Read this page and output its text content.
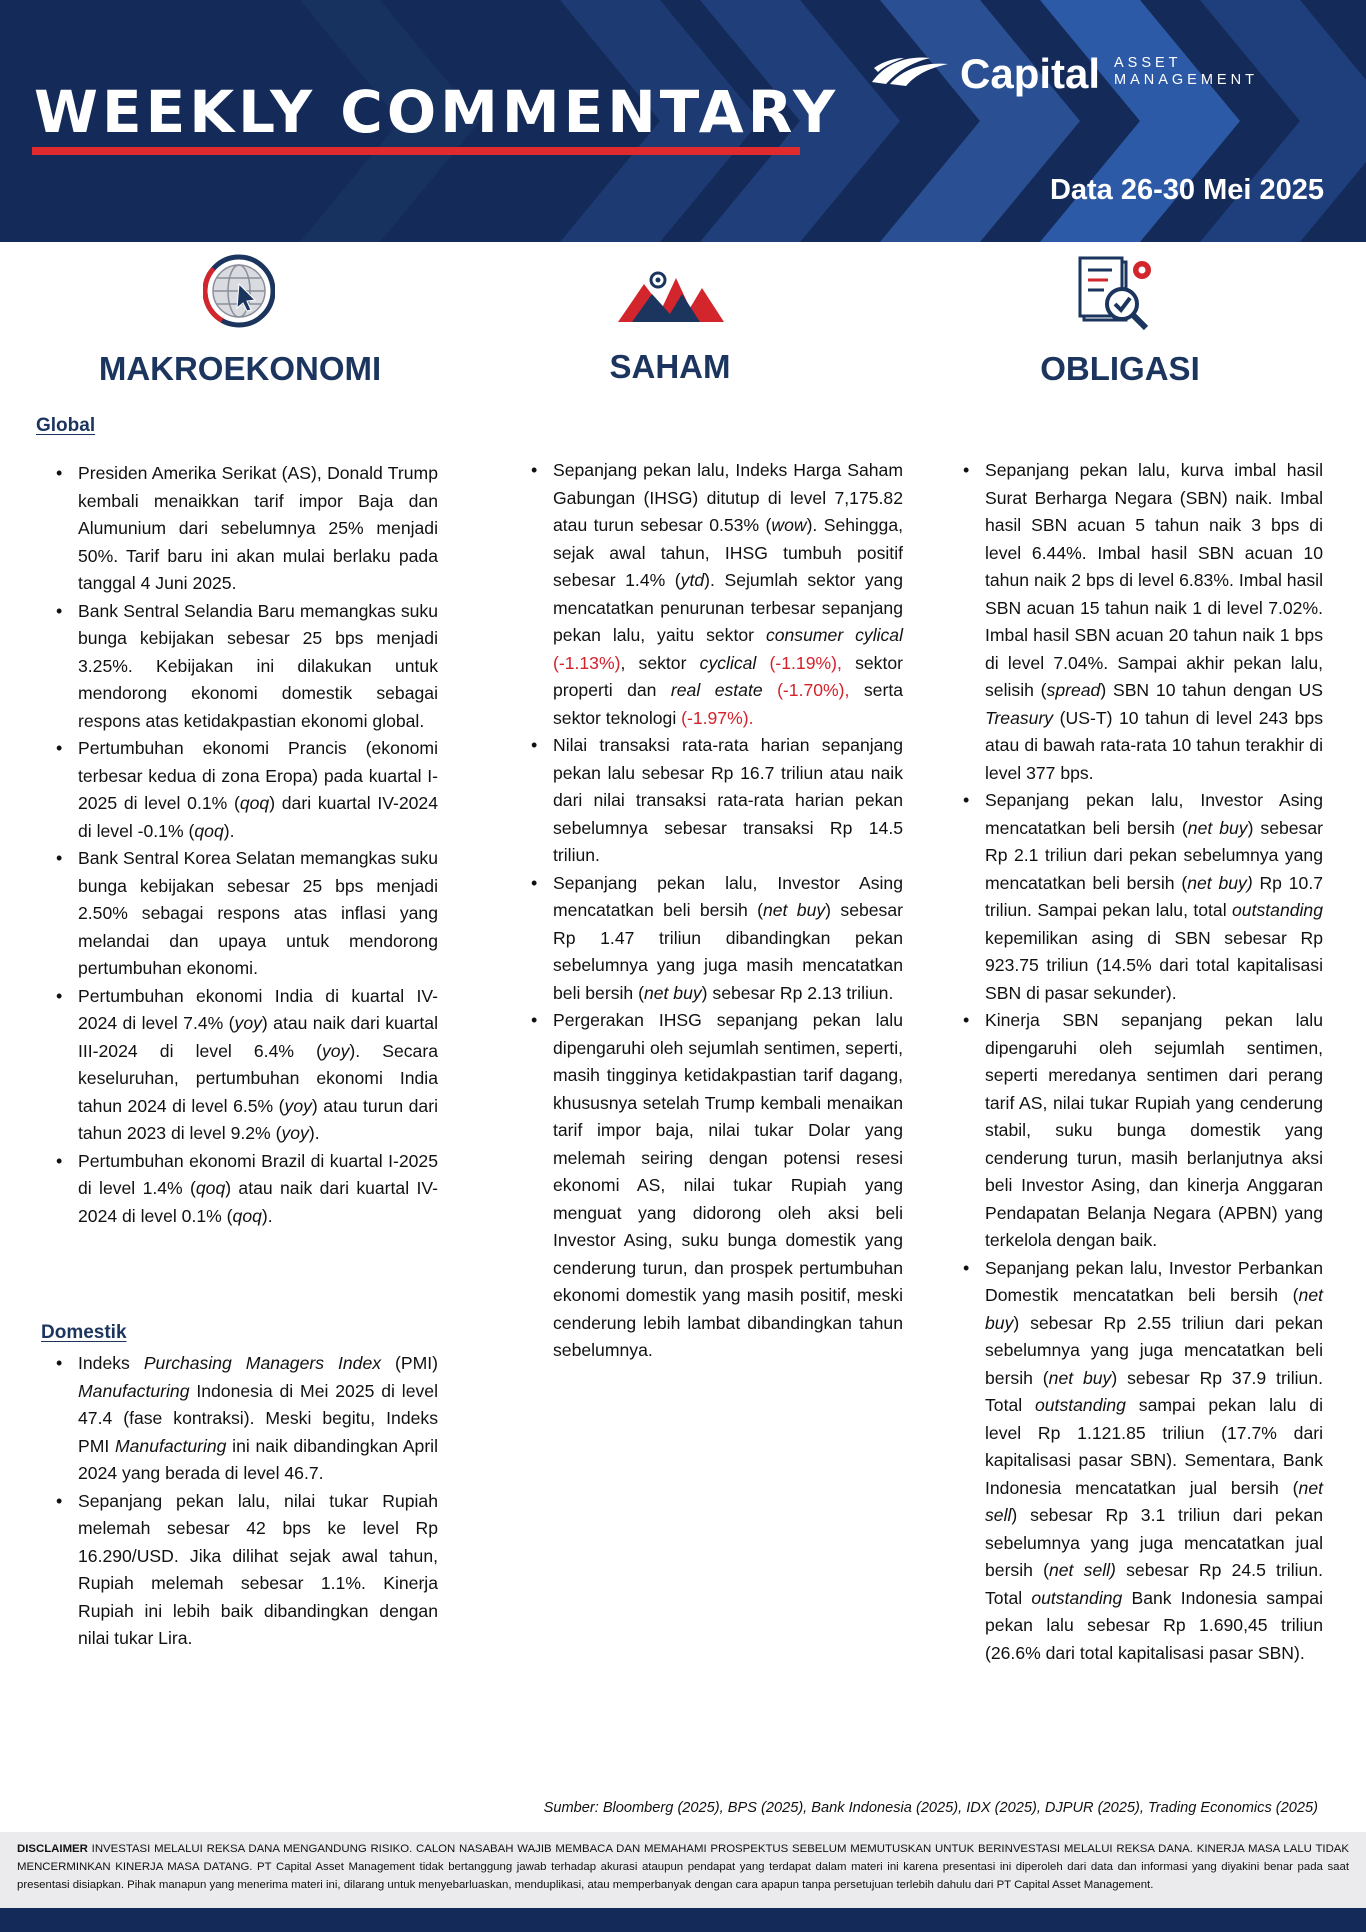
WEEKLY COMMENTARY
Capital ASSET MANAGEMENT
Data 26-30 Mei 2025
MAKROEKONOMI	SAHAM	OBLIGASI
Global
• Presiden Amerika Serikat (AS), Donald Trump kembali menaikkan tarif impor Baja dan Alumunium dari sebelumnya 25% menjadi 50%. Tarif baru ini akan mulai berlaku pada tanggal 4 Juni 2025.
• Bank Sentral Selandia Baru memangkas suku bunga kebijakan sebesar 25 bps menjadi 3.25%. Kebijakan ini dilakukan untuk mendorong ekonomi domestik sebagai respons atas ketidakpastian ekonomi global.
• Pertumbuhan ekonomi Prancis (ekonomi terbesar kedua di zona Eropa) pada kuartal I-2025 di level 0.1% (qoq) dari kuartal IV-2024 di level -0.1% (qoq).
• Bank Sentral Korea Selatan memangkas suku bunga kebijakan sebesar 25 bps menjadi 2.50% sebagai respons atas inflasi yang melandai dan upaya untuk mendorong pertumbuhan ekonomi.
• Pertumbuhan ekonomi India di kuartal IV-2024 di level 7.4% (yoy) atau naik dari kuartal III-2024 di level 6.4% (yoy). Secara keseluruhan, pertumbuhan ekonomi India tahun 2024 di level 6.5% (yoy) atau turun dari tahun 2023 di level 9.2% (yoy).
• Pertumbuhan ekonomi Brazil di kuartal I-2025 di level 1.4% (qoq) atau naik dari kuartal IV-2024 di level 0.1% (qoq).
Domestik
• Indeks Purchasing Managers Index (PMI) Manufacturing Indonesia di Mei 2025 di level 47.4 (fase kontraksi). Meski begitu, Indeks PMI Manufacturing ini naik dibandingkan April 2024 yang berada di level 46.7.
• Sepanjang pekan lalu, nilai tukar Rupiah melemah sebesar 42 bps ke level Rp 16.290/USD. Jika dilihat sejak awal tahun, Rupiah melemah sebesar 1.1%. Kinerja Rupiah ini lebih baik dibandingkan dengan nilai tukar Lira.
• Sepanjang pekan lalu, Indeks Harga Saham Gabungan (IHSG) ditutup di level 7,175.82 atau turun sebesar 0.53% (wow). Sehingga, sejak awal tahun, IHSG tumbuh positif sebesar 1.4% (ytd). Sejumlah sektor yang mencatatkan penurunan terbesar sepanjang pekan lalu, yaitu sektor consumer cylical (-1.13%), sektor cyclical (-1.19%), sektor properti dan real estate (-1.70%), serta sektor teknologi (-1.97%).
• Nilai transaksi rata-rata harian sepanjang pekan lalu sebesar Rp 16.7 triliun atau naik dari nilai transaksi rata-rata harian pekan sebelumnya sebesar transaksi Rp 14.5 triliun.
• Sepanjang pekan lalu, Investor Asing mencatatkan beli bersih (net buy) sebesar Rp 1.47 triliun dibandingkan pekan sebelumnya yang juga masih mencatatkan beli bersih (net buy) sebesar Rp 2.13 triliun.
• Pergerakan IHSG sepanjang pekan lalu dipengaruhi oleh sejumlah sentimen, seperti, masih tingginya ketidakpastian tarif dagang, khususnya setelah Trump kembali menaikan tarif impor baja, nilai tukar Dolar yang melemah seiring dengan potensi resesi ekonomi AS, nilai tukar Rupiah yang menguat yang didorong oleh aksi beli Investor Asing, suku bunga domestik yang cenderung turun, dan prospek pertumbuhan ekonomi domestik yang masih positif, meski cenderung lebih lambat dibandingkan tahun sebelumnya.
• Sepanjang pekan lalu, kurva imbal hasil Surat Berharga Negara (SBN) naik. Imbal hasil SBN acuan 5 tahun naik 3 bps di level 6.44%. Imbal hasil SBN acuan 10 tahun naik 2 bps di level 6.83%. Imbal hasil SBN acuan 15 tahun naik 1 di level 7.02%. Imbal hasil SBN acuan 20 tahun naik 1 bps di level 7.04%. Sampai akhir pekan lalu, selisih (spread) SBN 10 tahun dengan US Treasury (US-T) 10 tahun di level 243 bps atau di bawah rata-rata 10 tahun terakhir di level 377 bps.
• Sepanjang pekan lalu, Investor Asing mencatatkan beli bersih (net buy) sebesar Rp 2.1 triliun dari pekan sebelumnya yang mencatatkan beli bersih (net buy) Rp 10.7 triliun. Sampai pekan lalu, total outstanding kepemilikan asing di SBN sebesar Rp 923.75 triliun (14.5% dari total kapitalisasi SBN di pasar sekunder).
• Kinerja SBN sepanjang pekan lalu dipengaruhi oleh sejumlah sentimen, seperti meredanya sentimen dari perang tarif AS, nilai tukar Rupiah yang cenderung stabil, suku bunga domestik yang cenderung turun, masih berlanjutnya aksi beli Investor Asing, dan kinerja Anggaran Pendapatan Belanja Negara (APBN) yang terkelola dengan baik.
• Sepanjang pekan lalu, Investor Perbankan Domestik mencatatkan beli bersih (net buy) sebesar Rp 2.55 triliun dari pekan sebelumnya yang juga mencatatkan beli bersih (net buy) sebesar Rp 37.9 triliun. Total outstanding sampai pekan lalu di level Rp 1.121.85 triliun (17.7% dari kapitalisasi pasar SBN). Sementara, Bank Indonesia mencatatkan jual bersih (net sell) sebesar Rp 3.1 triliun dari pekan sebelumnya yang juga mencatatkan jual bersih (net sell) sebesar Rp 24.5 triliun. Total outstanding Bank Indonesia sampai pekan lalu sebesar Rp 1.690,45 triliun (26.6% dari total kapitalisasi pasar SBN).
Sumber: Bloomberg (2025), BPS (2025), Bank Indonesia (2025), IDX (2025), DJPUR (2025), Trading Economics (2025)
DISCLAIMER INVESTASI MELALUI REKSA DANA MENGANDUNG RISIKO. CALON NASABAH WAJIB MEMBACA DAN MEMAHAMI PROSPEKTUS SEBELUM MEMUTUSKAN UNTUK BERINVESTASI MELALUI REKSA DANA. KINERJA MASA LALU TIDAK MENCERMINKAN KINERJA MASA DATANG. PT Capital Asset Management tidak bertanggung jawab terhadap akurasi ataupun pendapat yang terdapat dalam materi ini karena presentasi ini diperoleh dari data dan informasi yang diyakini benar pada saat presentasi disiapkan. Pihak manapun yang menerima materi ini, dilarang untuk menyebarluaskan, menduplikasi, atau memperbanyak dengan cara apapun tanpa persetujuan terlebih dahulu dari PT Capital Asset Management.
